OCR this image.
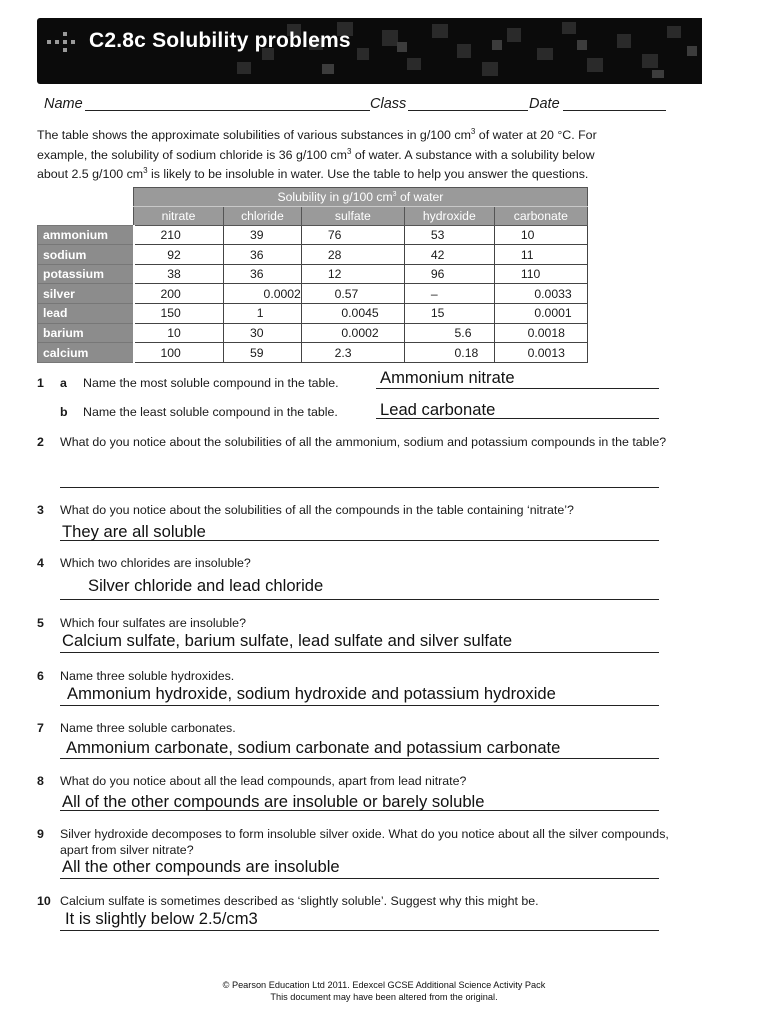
C2.8c Solubility problems
Name	Class	Date

The table shows the approximate solubilities of various substances in g/100 $cm^3$ of water at 20 °C. For

example, the solubility of sodium chloride is 36 g/100 $cm^3$ of water. A substance with a solubility below

about 2.5 g/100 $cm^3$ is likely to be insoluble in water. Use the table to help you answer the questions.

	Solubility in g/100 $cm^3$ of water				
	nitrate	chloride	sulfate	hydroxide	carbonate
ammonium	210	39	76	53	10
sodium	92	36	28	42	11
potassium	38	36	12	96	110
silver	200	0.0002	0.57	–	0.0033
lead	150	1	0.0045	15	0.0001
barium	10	30	0.0002	5.6	0.0018
calcium	100	59	2.3	0.18	0.0013
1 a Name the most soluble compound in the table.	Ammonium nitrate
b Name the least soluble compound in the table.	Lead carbonate
2 What do you notice about the solubilities of all the ammonium, sodium and potassium compounds in the table?
3 What do you notice about the solubilities of all the compounds in the table containing ‘nitrate’?
They are all soluble
4 Which two chlorides are insoluble?
Silver chloride and lead chloride
5 Which four sulfates are insoluble?
Calcium sulfate, barium sulfate, lead sulfate and silver sulfate
6 Name three soluble hydroxides.
Ammonium hydroxide, sodium hydroxide and potassium hydroxide
7 Name three soluble carbonates.
Ammonium carbonate, sodium carbonate and potassium carbonate
8 What do you notice about all the lead compounds, apart from lead nitrate?
All of the other compounds are insoluble or barely soluble
9 Silver hydroxide decomposes to form insoluble silver oxide. What do you notice about all the silver compounds, apart from silver nitrate?
All the other compounds are insoluble
10 Calcium sulfate is sometimes described as ‘slightly soluble’. Suggest why this might be.
It is slightly below 2.5/cm3
© Pearson Education Ltd 2011. Edexcel GCSE Additional Science Activity Pack
This document may have been altered from the original.
